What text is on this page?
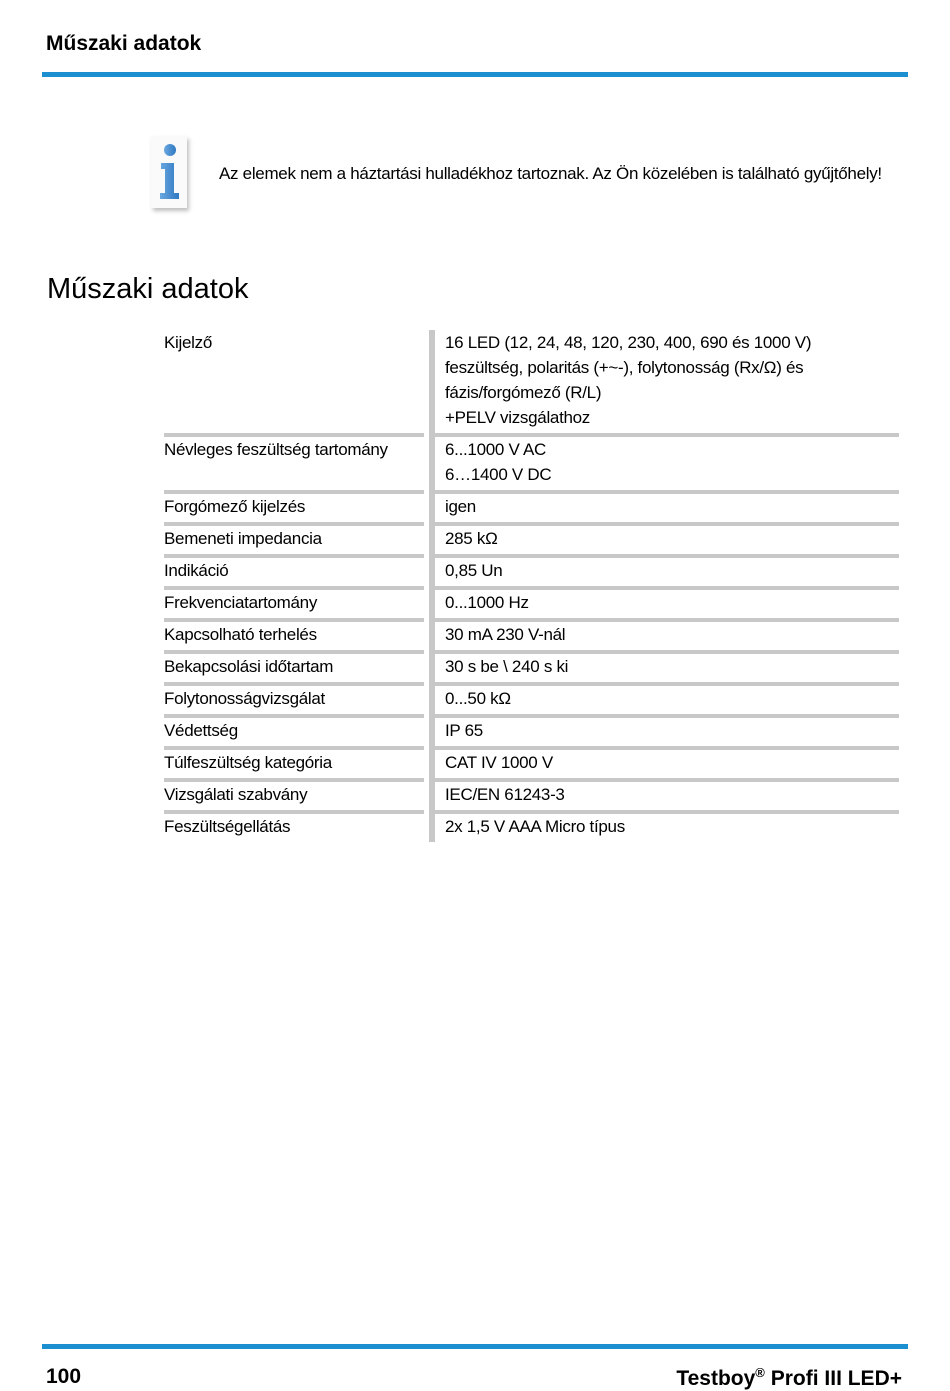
Műszaki adatok
Az elemek nem a háztartási hulladékhoz tartoznak. Az Ön közelében is található gyűjtőhely!
Műszaki adatok
Kijelző	16 LED (12, 24, 48, 120, 230, 400, 690 és 1000 V)
feszültség, polaritás (+~-), folytonosság (Rx/Ω) és
fázis/forgómező (R/L)
+PELV vizsgálathoz
Névleges feszültség tartomány	6...1000 V AC
6…1400 V DC
Forgómező kijelzés	igen
Bemeneti impedancia	285 kΩ
Indikáció	0,85 Un
Frekvenciatartomány	0...1000 Hz
Kapcsolható terhelés	30 mA 230 V-nál
Bekapcsolási időtartam	30 s be \ 240 s ki
Folytonosságvizsgálat	0...50 kΩ
Védettség	IP 65
Túlfeszültség kategória	CAT IV 1000 V
Vizsgálati szabvány	IEC/EN 61243-3
Feszültségellátás	2x 1,5 V AAA Micro típus
100	Testboy® Profi III LED+
